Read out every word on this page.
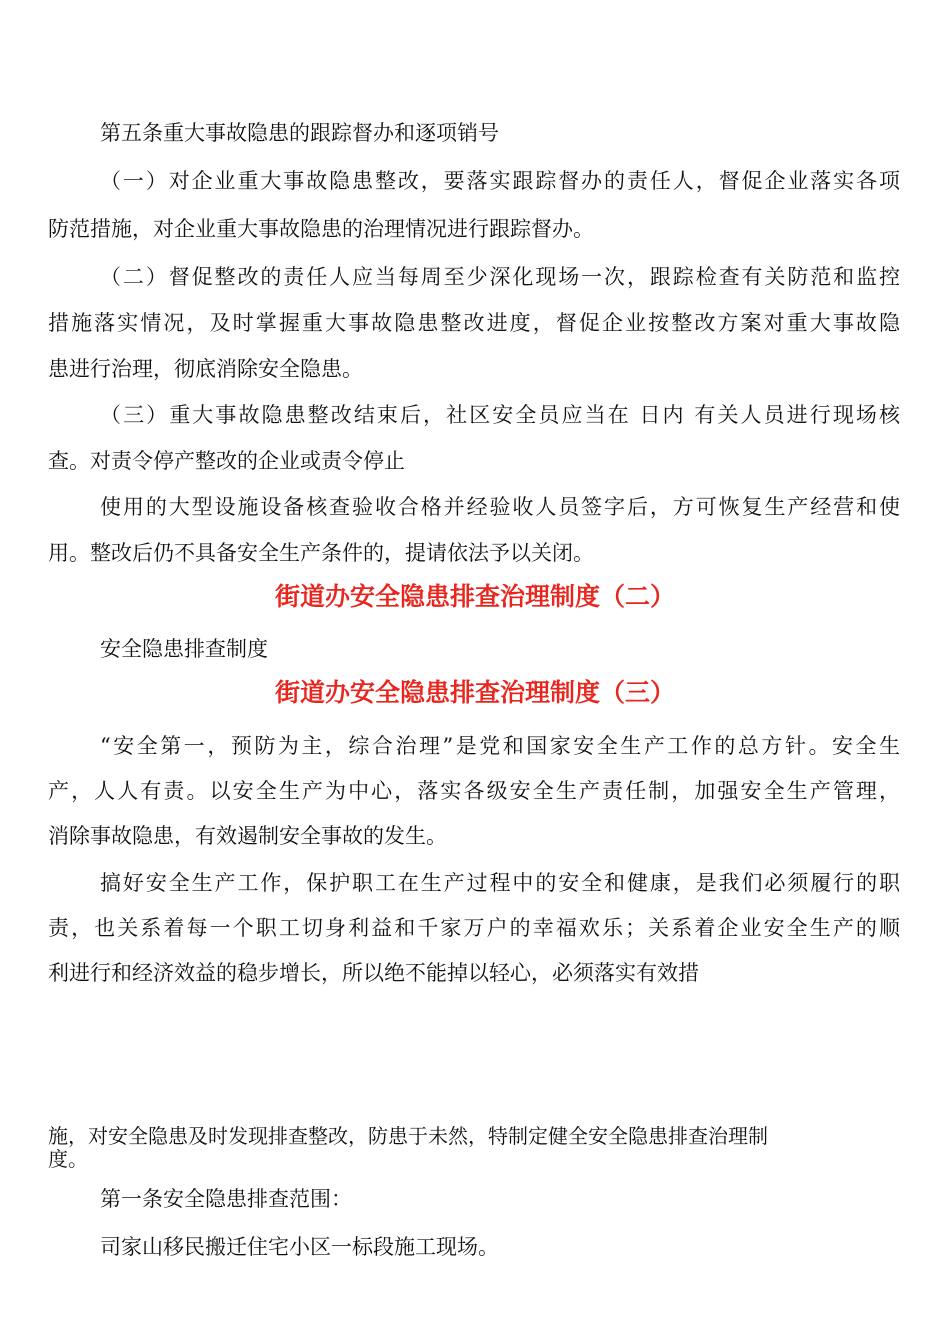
第五条重大事故隐患的跟踪督办和逐项销号

（一）对企业重大事故隐患整改，要落实跟踪督办的责任人，督促企业落实各项

防范措施，对企业重大事故隐患的治理情况进行跟踪督办。

（二）督促整改的责任人应当每周至少深化现场一次，跟踪检查有关防范和监控

措施落实情况，及时掌握重大事故隐患整改进度，督促企业按整改方案对重大事故隐

患进行治理，彻底消除安全隐患。

（三）重大事故隐患整改结束后，社区安全员应当在 日内 有关人员进行现场核

查。对责令停产整改的企业或责令停止

使用的大型设施设备核查验收合格并经验收人员签字后，方可恢复生产经营和使

用。整改后仍不具备安全生产条件的，提请依法予以关闭。

街道办安全隐患排查治理制度（二）

安全隐患排查制度

街道办安全隐患排查治理制度（三）

“安全第一，预防为主，综合治理”是党和国家安全生产工作的总方针。安全生

产，人人有责。以安全生产为中心，落实各级安全生产责任制，加强安全生产管理，

消除事故隐患，有效遏制安全事故的发生。

搞好安全生产工作，保护职工在生产过程中的安全和健康，是我们必须履行的职

责，也关系着每一个职工切身利益和千家万户的幸福欢乐；关系着企业安全生产的顺

利进行和经济效益的稳步增长，所以绝不能掉以轻心，必须落实有效措

施，对安全隐患及时发现排查整改，防患于未然，特制定健全安全隐患排查治理制

度。

第一条安全隐患排查范围：

司家山移民搬迁住宅小区一标段施工现场。
